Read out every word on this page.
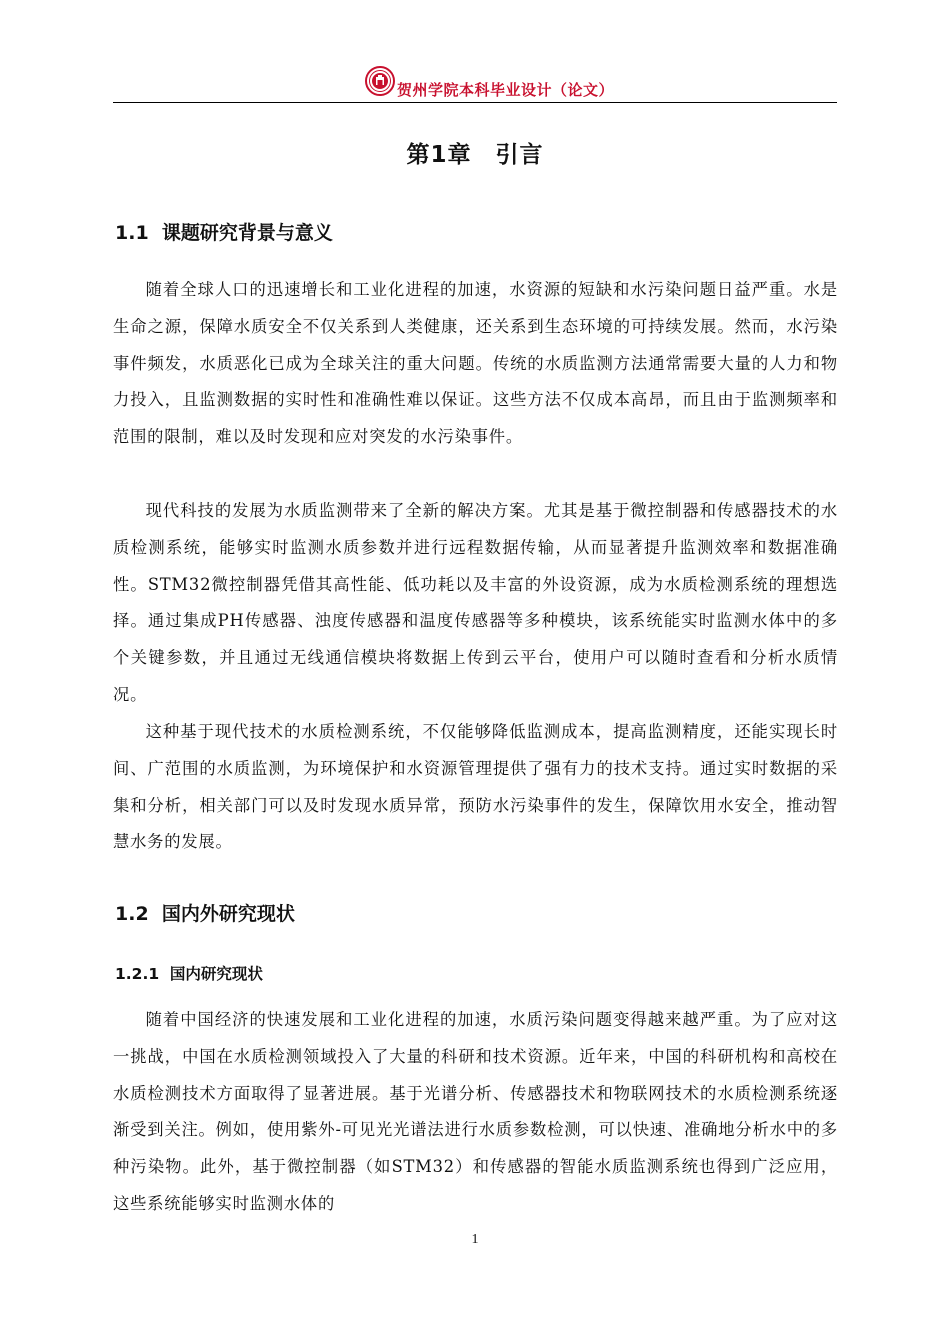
贺州学院本科毕业设计（论文）
第1章　引言
1.1  课题研究背景与意义

随着全球人口的迅速增长和工业化进程的加速，水资源的短缺和水污染问题日益严重。水是生命之源，保障水质安全不仅关系到人类健康，还关系到生态环境的可持续发展。然而，水污染事件频发，水质恶化已成为全球关注的重大问题。传统的水质监测方法通常需要大量的人力和物力投入，且监测数据的实时性和准确性难以保证。这些方法不仅成本高昂，而且由于监测频率和范围的限制，难以及时发现和应对突发的水污染事件。

现代科技的发展为水质监测带来了全新的解决方案。尤其是基于微控制器和传感器技术的水质检测系统，能够实时监测水质参数并进行远程数据传输，从而显著提升监测效率和数据准确性。STM32微控制器凭借其高性能、低功耗以及丰富的外设资源，成为水质检测系统的理想选择。通过集成PH传感器、浊度传感器和温度传感器等多种模块，该系统能实时监测水体中的多个关键参数，并且通过无线通信模块将数据上传到云平台，使用户可以随时查看和分析水质情况。

这种基于现代技术的水质检测系统，不仅能够降低监测成本，提高监测精度，还能实现长时间、广范围的水质监测，为环境保护和水资源管理提供了强有力的技术支持。通过实时数据的采集和分析，相关部门可以及时发现水质异常，预防水污染事件的发生，保障饮用水安全，推动智慧水务的发展。

1.2  国内外研究现状
1.2.1  国内研究现状

随着中国经济的快速发展和工业化进程的加速，水质污染问题变得越来越严重。为了应对这一挑战，中国在水质检测领域投入了大量的科研和技术资源。近年来，中国的科研机构和高校在水质检测技术方面取得了显著进展。基于光谱分析、传感器技术和物联网技术的水质检测系统逐渐受到关注。例如，使用紫外-可见光光谱法进行水质参数检测，可以快速、准确地分析水中的多种污染物。此外，基于微控制器（如STM32）和传感器的智能水质监测系统也得到广泛应用，这些系统能够实时监测水体的

1
